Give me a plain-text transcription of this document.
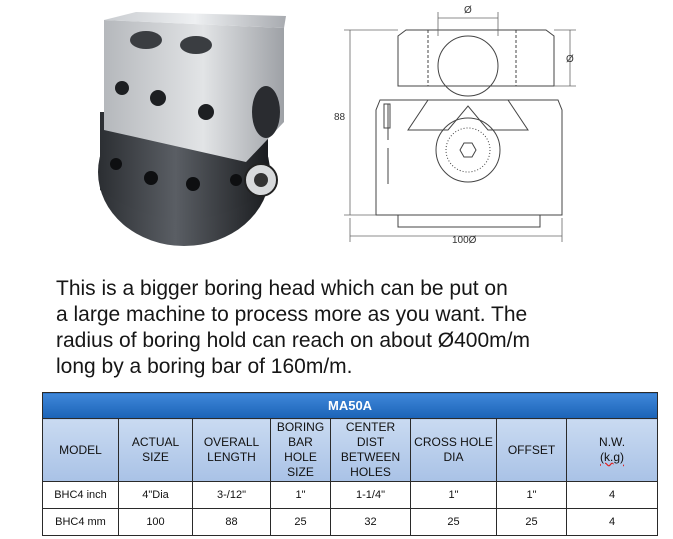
88
100Ø
Ø
Ø
This is a bigger boring head which can be put on
a large machine to process more as you want. The
radius of boring hold can reach on about Ø400m/m
long by a boring bar of 160m/m.
MA50A							
MODEL	ACTUAL SIZE	OVERALL LENGTH	BORING BAR HOLE SIZE	CENTER DIST BETWEEN HOLES	CROSS HOLE DIA	OFFSET	N.W.
(k.g)
BHC4 inch	4"Dia	3-/12"	1"	1-1/4"	1"	1"	4
BHC4 mm	100	88	25	32	25	25	4
